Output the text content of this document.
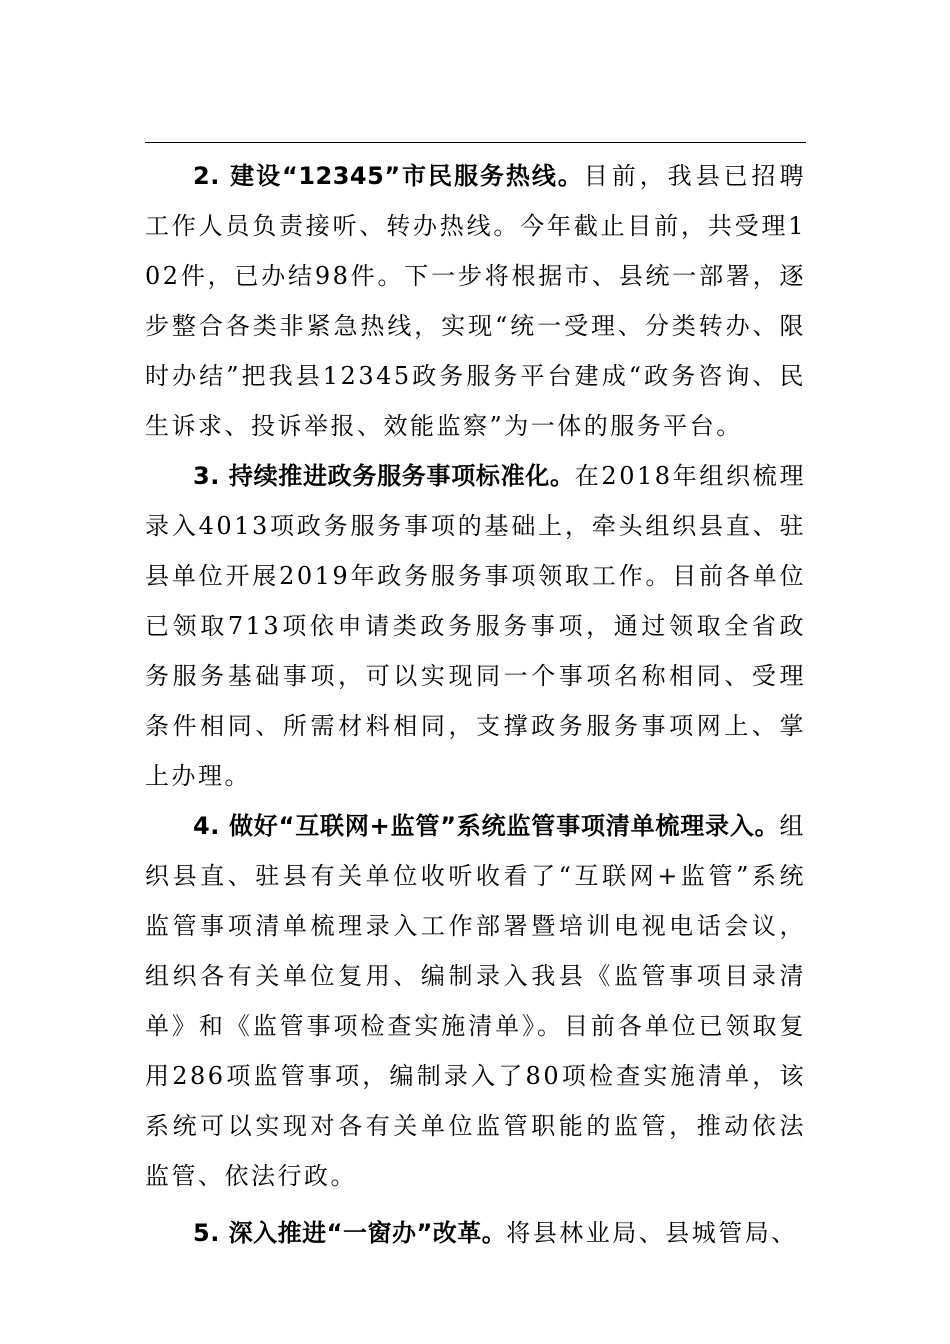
2. 建设“12345”市民服务热线。目前，我县已招聘工作人员负责接听、转办热线。今年截止目前，共受理102件，已办结98件。下一步将根据市、县统一部署，逐步整合各类非紧急热线，实现“统一受理、分类转办、限时办结”把我县12345政务服务平台建成“政务咨询、民生诉求、投诉举报、效能监察”为一体的服务平台。

3. 持续推进政务服务事项标准化。在2018年组织梳理录入4013项政务服务事项的基础上，牵头组织县直、驻县单位开展2019年政务服务事项领取工作。目前各单位已领取713项依申请类政务服务事项，通过领取全省政务服务基础事项，可以实现同一个事项名称相同、受理条件相同、所需材料相同，支撑政务服务事项网上、掌上办理。

4. 做好“互联网+监管”系统监管事项清单梳理录入。组织县直、驻县有关单位收听收看了“互联网+监管”系统监管事项清单梳理录入工作部署暨培训电视电话会议，组织各有关单位复用、编制录入我县《监管事项目录清单》和《监管事项检查实施清单》。目前各单位已领取复用286项监管事项，编制录入了80项检查实施清单，该系统可以实现对各有关单位监管职能的监管，推动依法监管、依法行政。

5. 深入推进“一窗办”改革。将县林业局、县城管局、
